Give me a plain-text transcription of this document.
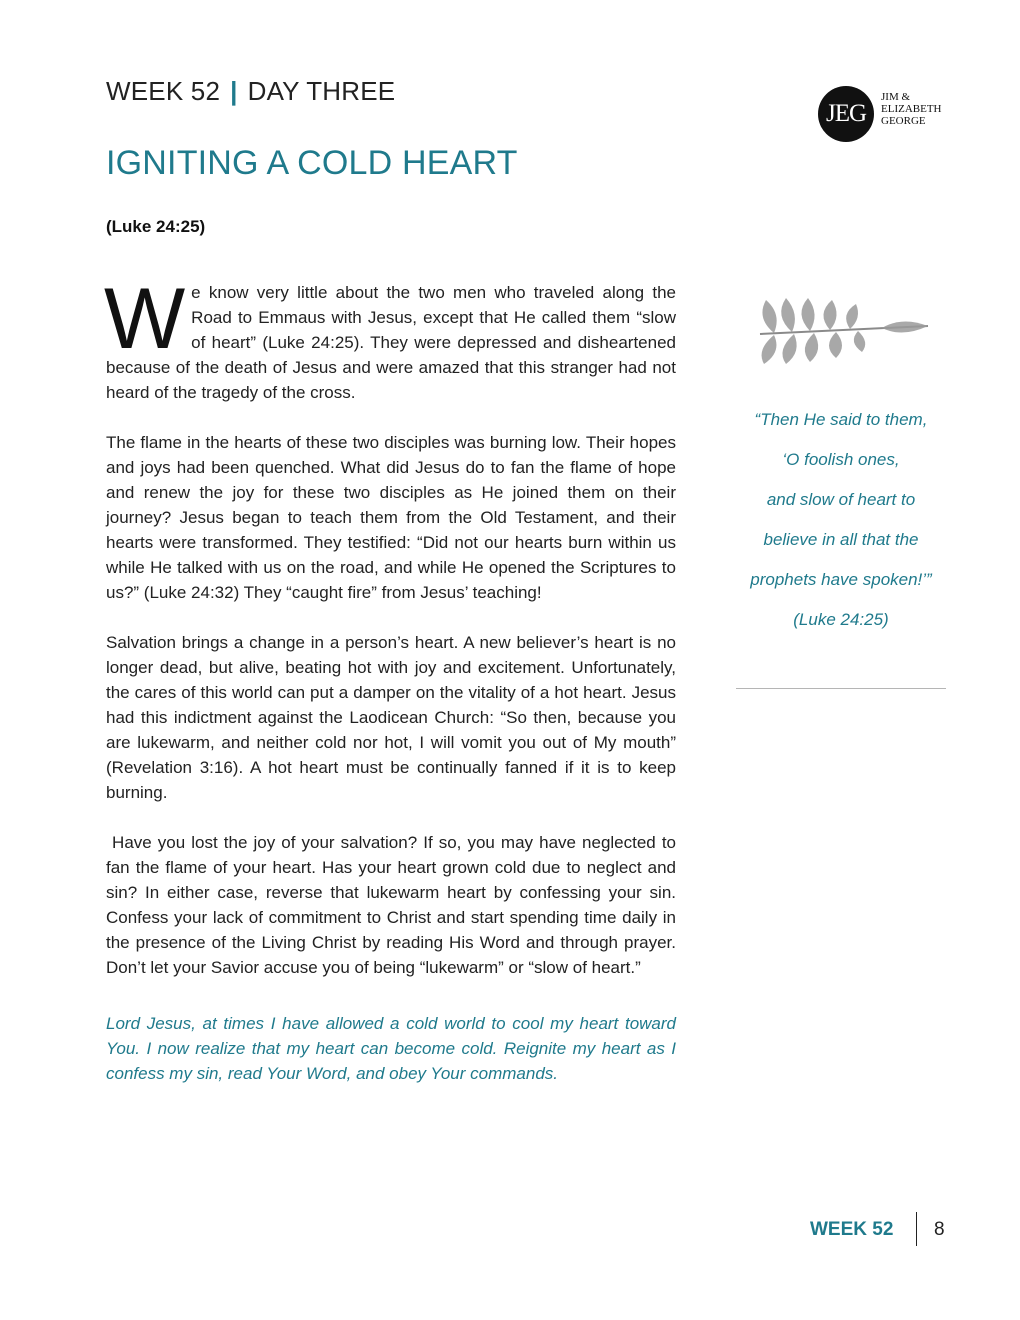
WEEK 52 | DAY THREE
JEG
JIM &
ELIZABETH
GEORGE
IGNITING A COLD HEART
(Luke 24:25)

We know very little about the two men who traveled along the Road to Emmaus with Jesus, except that He called them “slow of heart” (Luke 24:25). They were depressed and disheartened because of the death of Jesus and were amazed that this stranger had not heard of the tragedy of the cross.

The flame in the hearts of these two disciples was burning low. Their hopes and joys had been quenched. What did Jesus do to fan the flame of hope and renew the joy for these two disciples as He joined them on their journey? Jesus began to teach them from the Old Testament, and their hearts were transformed. They testified: “Did not our hearts burn within us while He talked with us on the road, and while He opened the Scriptures to us?” (Luke 24:32) They “caught fire” from Jesus’ teaching!

Salvation brings a change in a person’s heart. A new believer’s heart is no longer dead, but alive, beating hot with joy and excitement. Unfortunately, the cares of this world can put a damper on the vitality of a hot heart. Jesus had this indictment against the Laodicean Church: “So then, because you are lukewarm, and neither cold nor hot, I will vomit you out of My mouth” (Revelation 3:16). A hot heart must be continually fanned if it is to keep burning.

Have you lost the joy of your salvation? If so, you may have neglected to fan the flame of your heart. Has your heart grown cold due to neglect and sin? In either case, reverse that lukewarm heart by confessing your sin. Confess your lack of commitment to Christ and start spending time daily in the presence of the Living Christ by reading His Word and through prayer. Don’t let your Savior accuse you of being “lukewarm” or “slow of heart.”

Lord Jesus, at times I have allowed a cold world to cool my heart toward You. I now realize that my heart can become cold. Reignite my heart as I confess my sin, read Your Word, and obey Your commands.
“Then He said to them,
‘O foolish ones,
and slow of heart to
believe in all that the
prophets have spoken!’”
(Luke 24:25)
WEEK 52 8
